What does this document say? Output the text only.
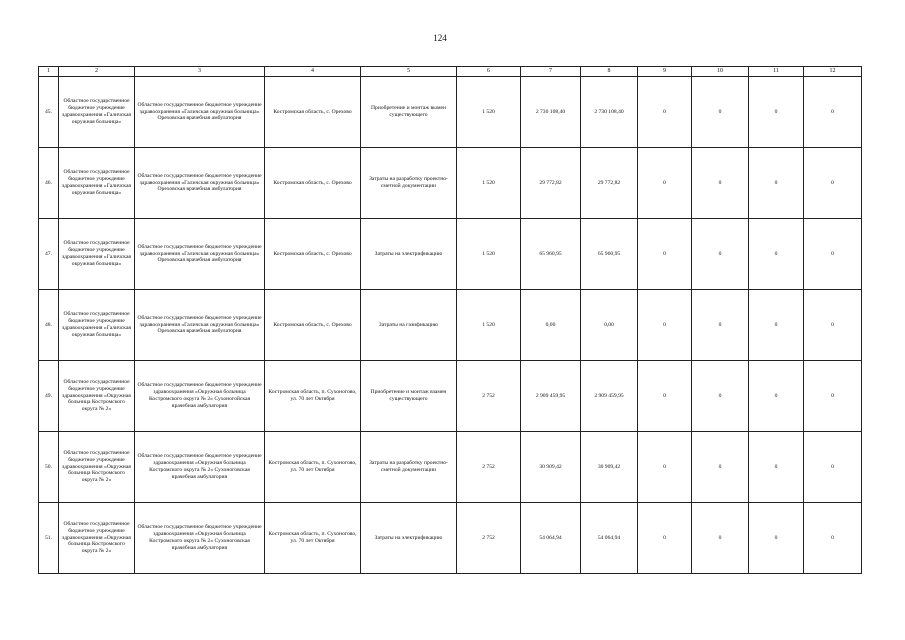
124
1	2	3	4	5	6	7	8	9	10	11	12
45.	Областное государственное бюджетное учреждение здравоохранения «Галичская окружная больница»	Областное государственное бюджетное учреждение здравоохранения «Галичская окружная больница» Ореховская врачебная амбулатория	Костромская область, с. Орехово	Приобретение и монтаж вымен существующего	1 520	2 730 108,40	2 730 108,40	0	0	0	0
46.	Областное государственное бюджетное учреждение здравоохранения «Галичская окружная больница»	Областное государственное бюджетное учреждение здравоохранения «Галичская окружная больница» Ореховская врачебная амбулатория	Костромская область, с. Орехово	Затраты на разработку проектно-сметной документации	1 520	29 772,82	29 772,82	0	0	0	0
47.	Областное государственное бюджетное учреждение здравоохранения «Галичская окружная больница»	Областное государственное бюджетное учреждение здравоохранения «Галичская окружная больница» Ореховская врачебная амбулатория	Костромская область, с. Орехово	Затраты на электрификацию	1 520	65 960,95	65 960,95	0	0	0	0
48.	Областное государственное бюджетное учреждение здравоохранения «Галичская окружная больница»	Областное государственное бюджетное учреждение здравоохранения «Галичская окружная больница» Ореховская врачебная амбулатория	Костромская область, с. Орехово	Затраты на газификацию	1 520	0,00	0,00	0	0	0	0
49.	Областное государственное бюджетное учреждение здравоохранения «Окружная больница Костромского округа № 2»	Областное государственное бюджетное учреждение здравоохранения «Окружная больница Костромского округа № 2» Сухоногойская врачебная амбулатория	Костромская область, п. Сухоногово, ул. 70 лет Октября	Приобретение и монтаж взамен существующего	2 752	2 909 459,95	2 909 459,95	0	0	0	0
50.	Областное государственное бюджетное учреждение здравоохранения «Окружная больница Костромского округа № 2»	Областное государственное бюджетное учреждение здравоохранения «Окружная больница Костромского округа № 2» Сухоноговская врачебная амбулатория	Костромская область, п. Сухоногово, ул. 70 лет Октября	Затраты на разработку проектно-сметной документации	2 752	30 909,42	30 909,42	0	0	0	0
51.	Областное государственное бюджетное учреждение здравоохранения «Окружная больница Костромского округа № 2»	Областное государственное бюджетное учреждение здравоохранения «Окружная больница Костромского округа № 2» Сухоноговская врачебная амбулатория	Костромская область, п. Сухоногово, ул. 70 лет Октября	Затраты на электрификацию	2 752	54 064,94	54 064,94	0	0	0	0
